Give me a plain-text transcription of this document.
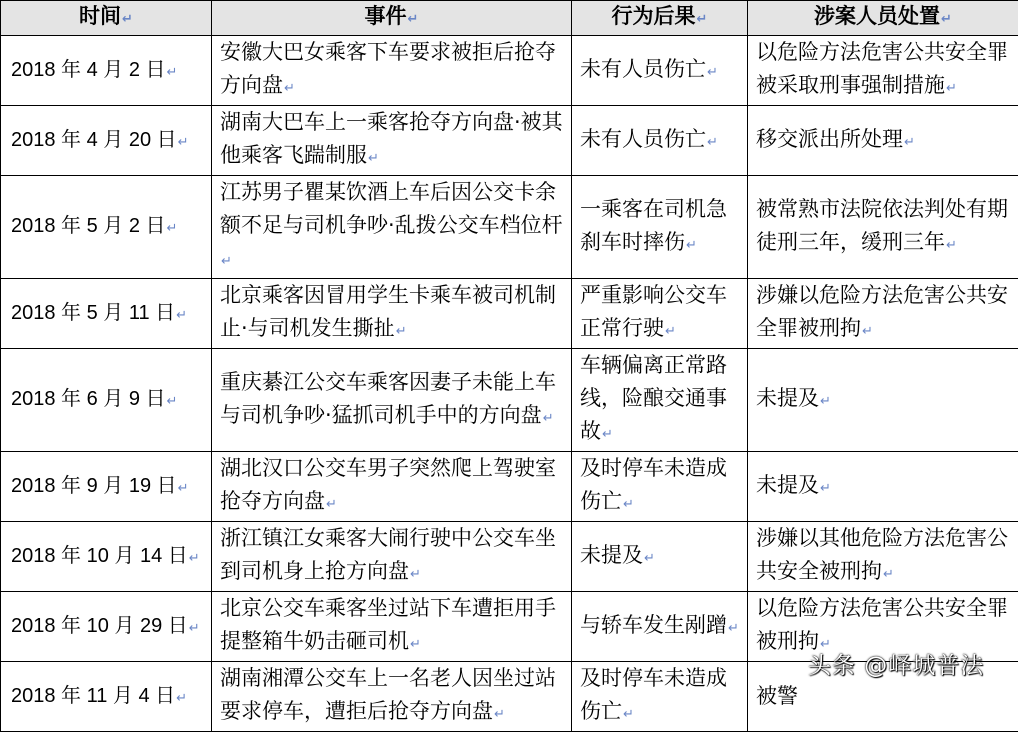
时间↵	事件↵	行为后果↵	涉案人员处置↵
2018 年 4 月 2 日↵	安徽大巴女乘客下车要求被拒后抢夺方向盘↵	未有人员伤亡↵	以危险方法危害公共安全罪被采取刑事强制措施↵
2018 年 4 月 20 日↵	湖南大巴车上一乘客抢夺方向盘·被其他乘客飞踹制服↵	未有人员伤亡↵	移交派出所处理↵
2018 年 5 月 2 日↵	江苏男子瞿某饮酒上车后因公交卡余额不足与司机争吵·乱拨公交车档位杆↵	一乘客在司机急刹车时摔伤↵	被常熟市法院依法判处有期徒刑三年，缓刑三年↵
2018 年 5 月 11 日↵	北京乘客因冒用学生卡乘车被司机制止·与司机发生撕扯↵	严重影响公交车正常行驶↵	涉嫌以危险方法危害公共安全罪被刑拘↵
2018 年 6 月 9 日↵	重庆綦江公交车乘客因妻子未能上车与司机争吵·猛抓司机手中的方向盘↵	车辆偏离正常路线，险酿交通事故↵	未提及↵
2018 年 9 月 19 日↵	湖北汉口公交车男子突然爬上驾驶室抢夺方向盘↵	及时停车未造成伤亡↵	未提及↵
2018 年 10 月 14 日↵	浙江镇江女乘客大闹行驶中公交车坐到司机身上抢方向盘↵	未提及↵	涉嫌以其他危险方法危害公共安全被刑拘↵
2018 年 10 月 29 日↵	北京公交车乘客坐过站下车遭拒用手提整箱牛奶击砸司机↵	与轿车发生剐蹭↵	以危险方法危害公共安全罪被刑拘↵
2018 年 11 月 4 日↵	湖南湘潭公交车上一名老人因坐过站要求停车，遭拒后抢夺方向盘↵	及时停车未造成伤亡↵	被警
头条 @峄城普法
